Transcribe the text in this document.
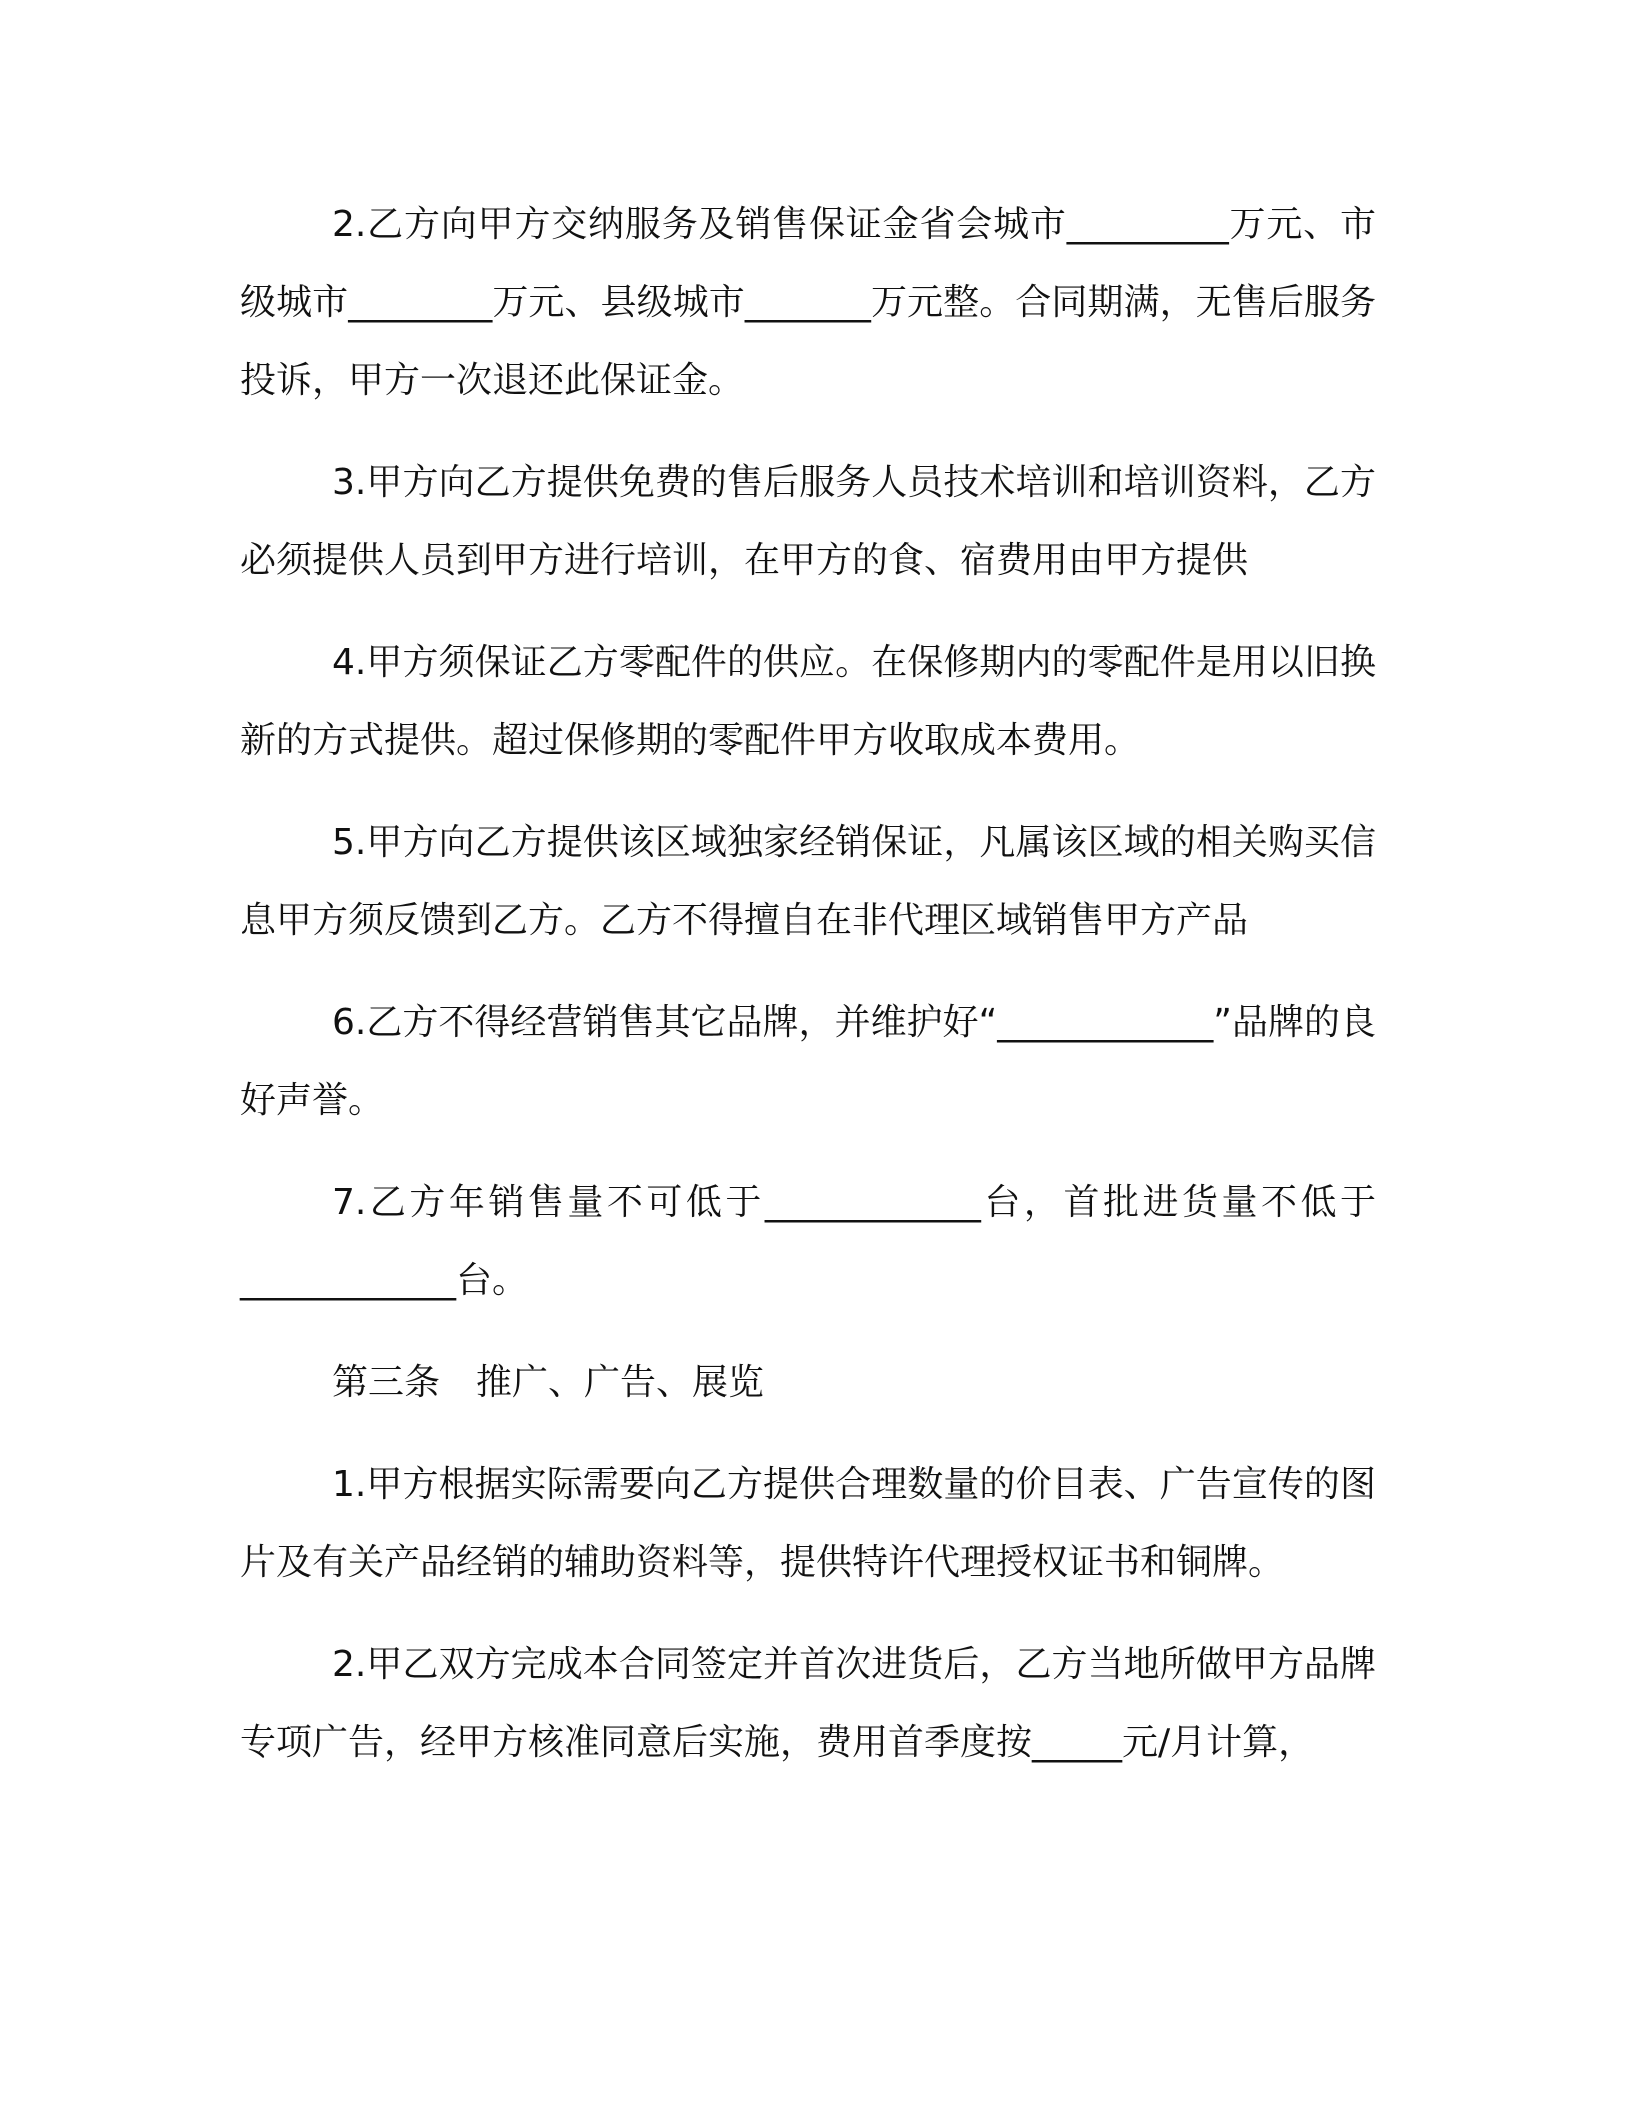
2.乙方向甲方交纳服务及销售保证金省会城市_________万元、市级城市________万元、县级城市_______万元整。合同期满，无售后服务投诉，甲方一次退还此保证金。

3.甲方向乙方提供免费的售后服务人员技术培训和培训资料，乙方必须提供人员到甲方进行培训，在甲方的食、宿费用由甲方提供

4.甲方须保证乙方零配件的供应。在保修期内的零配件是用以旧换新的方式提供。超过保修期的零配件甲方收取成本费用。

5.甲方向乙方提供该区域独家经销保证，凡属该区域的相关购买信息甲方须反馈到乙方。乙方不得擅自在非代理区域销售甲方产品

6.乙方不得经营销售其它品牌，并维护好“____________”品牌的良好声誉。

7.乙方年销售量不可低于____________台，首批进货量不低于____________台。

第三条　推广、广告、展览

1.甲方根据实际需要向乙方提供合理数量的价目表、广告宣传的图片及有关产品经销的辅助资料等，提供特许代理授权证书和铜牌。

2.甲乙双方完成本合同签定并首次进货后，乙方当地所做甲方品牌专项广告，经甲方核准同意后实施，费用首季度按_____元/月计算，
